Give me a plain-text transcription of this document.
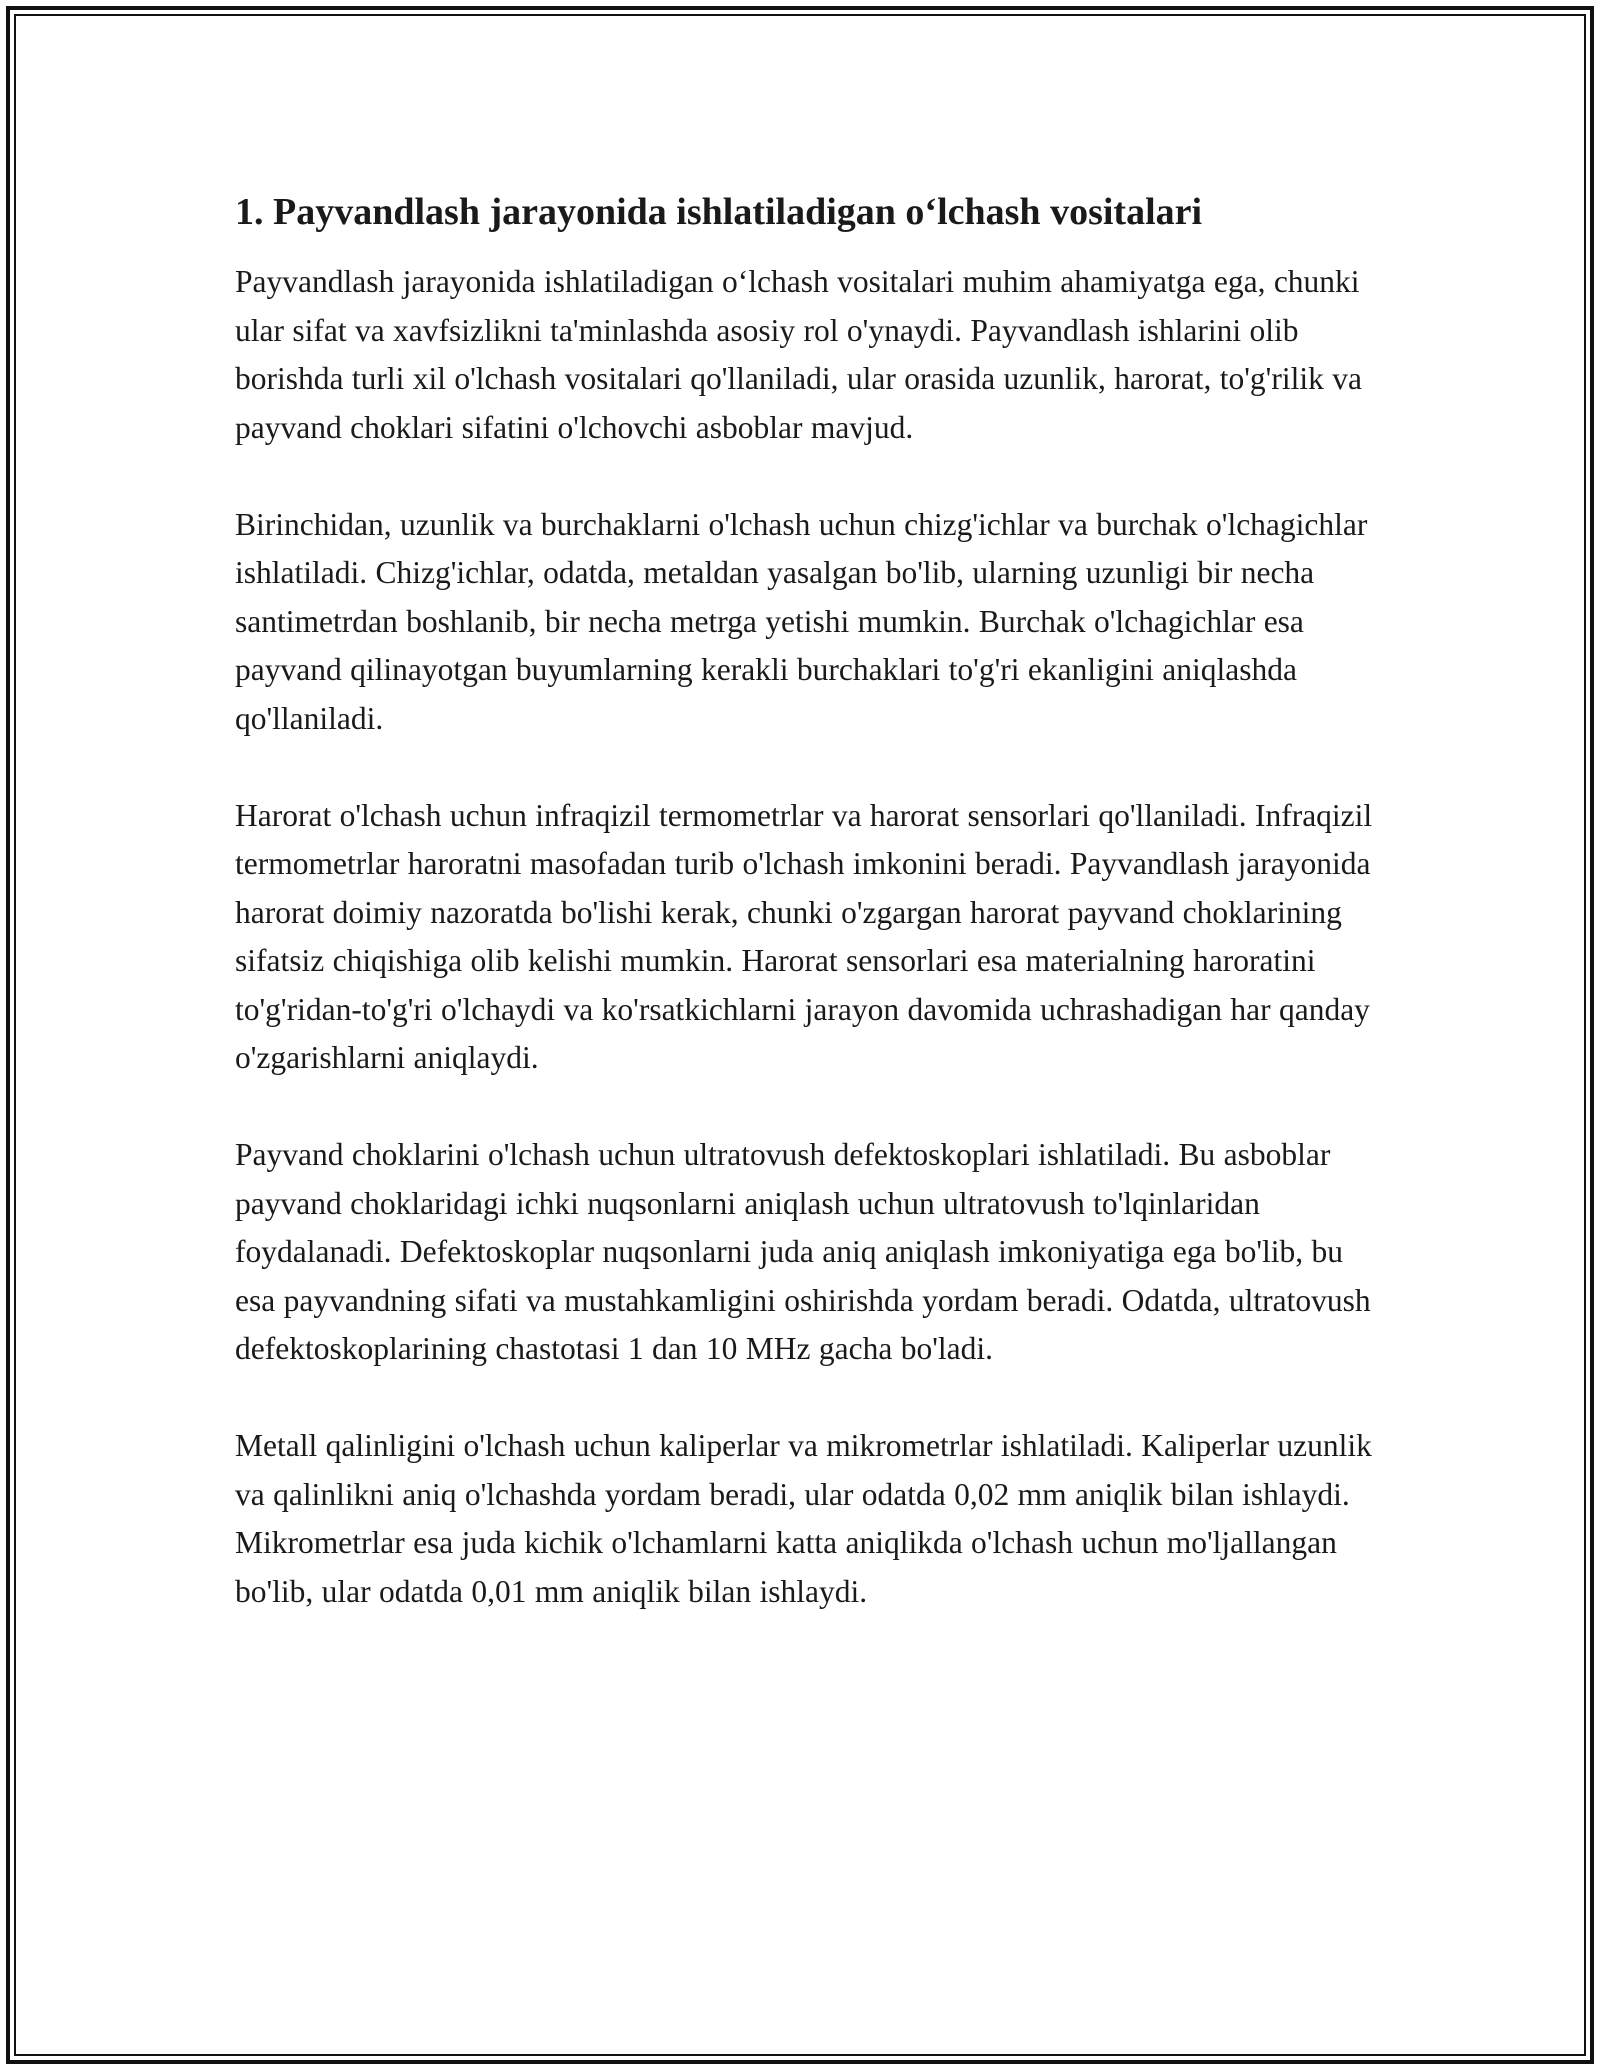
1. Payvandlash jarayonida ishlatiladigan o‘lchash vositalari

Payvandlash jarayonida ishlatiladigan o‘lchash vositalari muhim ahamiyatga ega, chunki ular sifat va xavfsizlikni ta'minlashda asosiy rol o'ynaydi. Payvandlash ishlarini olib borishda turli xil o'lchash vositalari qo'llaniladi, ular orasida uzunlik, harorat, to'g'rilik va payvand choklari sifatini o'lchovchi asboblar mavjud.

Birinchidan, uzunlik va burchaklarni o'lchash uchun chizg'ichlar va burchak o'lchagichlar ishlatiladi. Chizg'ichlar, odatda, metaldan yasalgan bo'lib, ularning uzunligi bir necha santimetrdan boshlanib, bir necha metrga yetishi mumkin. Burchak o'lchagichlar esa payvand qilinayotgan buyumlarning kerakli burchaklari to'g'ri ekanligini aniqlashda qo'llaniladi.

Harorat o'lchash uchun infraqizil termometrlar va harorat sensorlari qo'llaniladi. Infraqizil termometrlar haroratni masofadan turib o'lchash imkonini beradi. Payvandlash jarayonida harorat doimiy nazoratda bo'lishi kerak, chunki o'zgargan harorat payvand choklarining sifatsiz chiqishiga olib kelishi mumkin. Harorat sensorlari esa materialning haroratini to'g'ridan-to'g'ri o'lchaydi va ko'rsatkichlarni jarayon davomida uchrashadigan har qanday o'zgarishlarni aniqlaydi.

Payvand choklarini o'lchash uchun ultratovush defektoskoplari ishlatiladi. Bu asboblar payvand choklaridagi ichki nuqsonlarni aniqlash uchun ultratovush to'lqinlaridan foydalanadi. Defektoskoplar nuqsonlarni juda aniq aniqlash imkoniyatiga ega bo'lib, bu esa payvandning sifati va mustahkamligini oshirishda yordam beradi. Odatda, ultratovush defektoskoplarining chastotasi 1 dan 10 MHz gacha bo'ladi.

Metall qalinligini o'lchash uchun kaliperlar va mikrometrlar ishlatiladi. Kaliperlar uzunlik va qalinlikni aniq o'lchashda yordam beradi, ular odatda 0,02 mm aniqlik bilan ishlaydi. Mikrometrlar esa juda kichik o'lchamlarni katta aniqlikda o'lchash uchun mo'ljallangan bo'lib, ular odatda 0,01 mm aniqlik bilan ishlaydi.
